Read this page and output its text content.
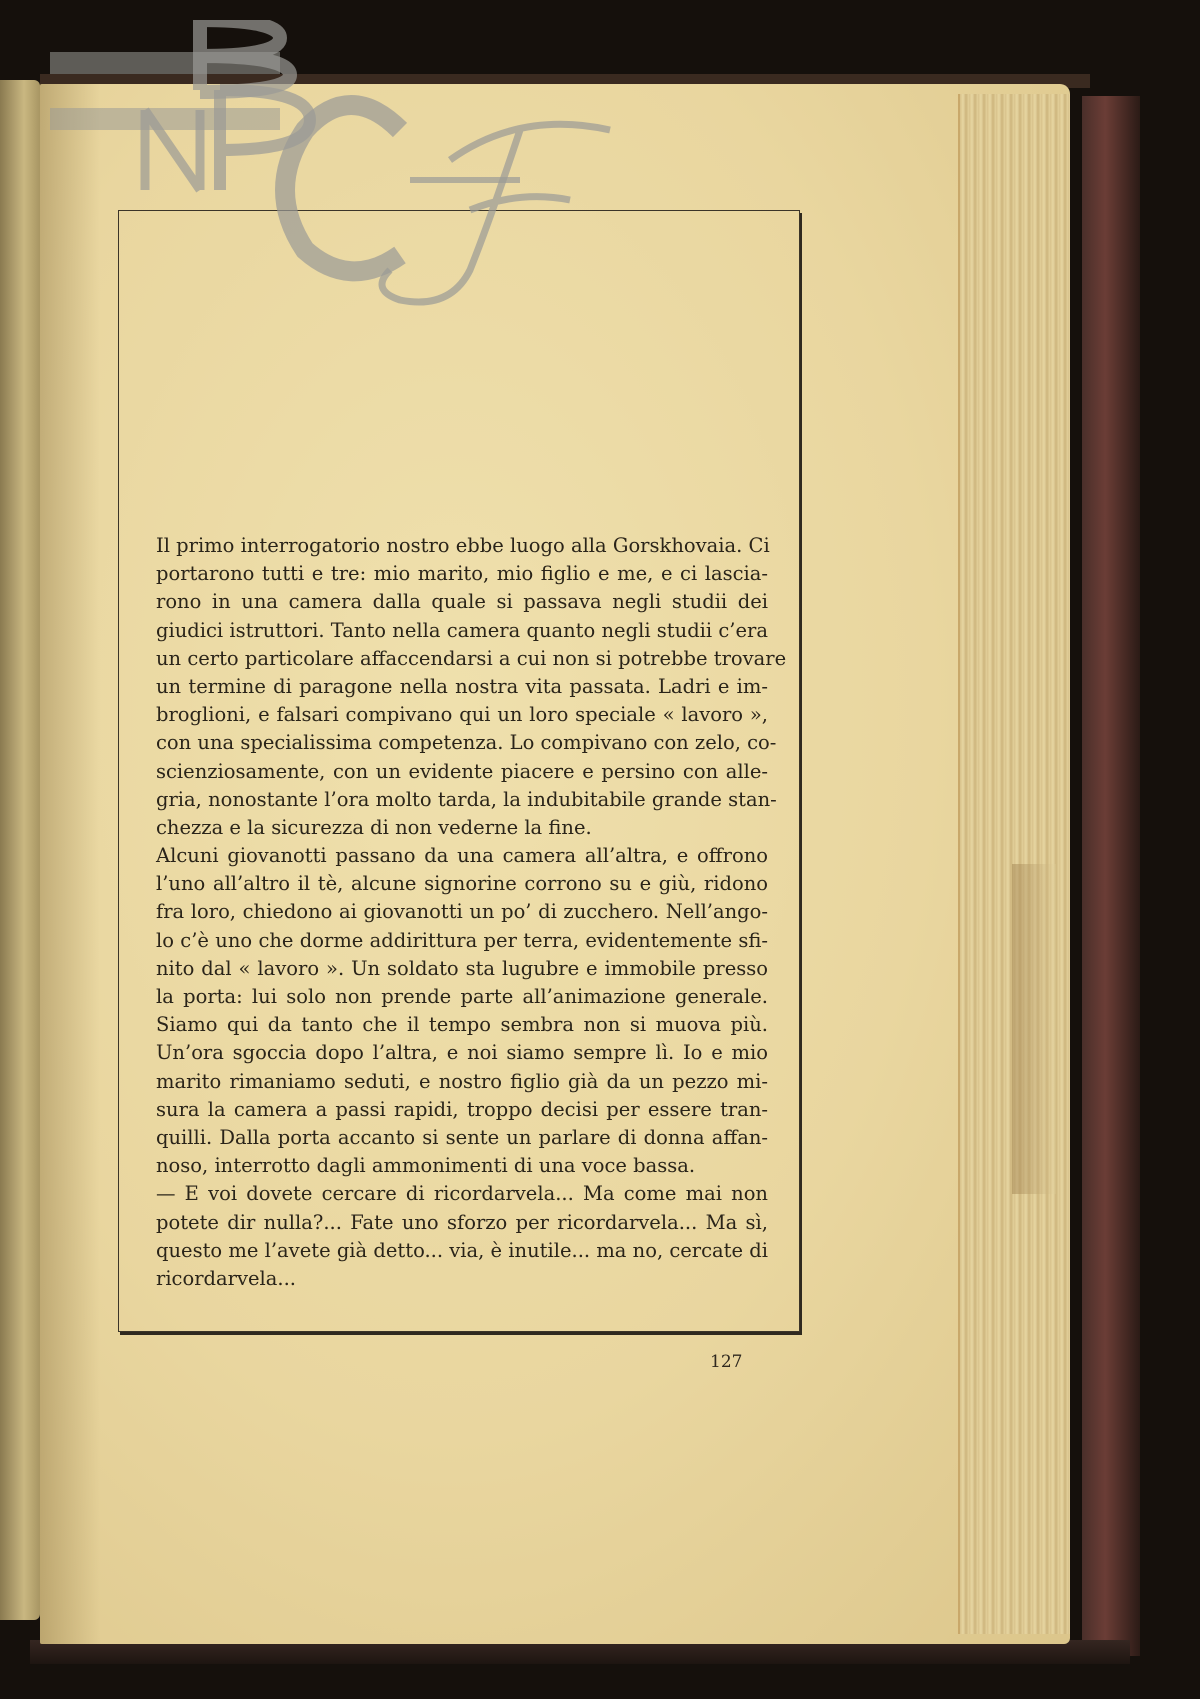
Il primo interrogatorio nostro ebbe luogo alla Gorskhovaia. Ci
portarono tutti e tre: mio marito, mio figlio e me, e ci lascia-
rono in una camera dalla quale si passava negli studii dei
giudici istruttori. Tanto nella camera quanto negli studii c’era
un certo particolare affaccendarsi a cui non si potrebbe trovare
un termine di paragone nella nostra vita passata. Ladri e im-
broglioni, e falsari compivano qui un loro speciale « lavoro »,
con una specialissima competenza. Lo compivano con zelo, co-
scienziosamente, con un evidente piacere e persino con alle-
gria, nonostante l’ora molto tarda, la indubitabile grande stan-
chezza e la sicurezza di non vederne la fine.
Alcuni giovanotti passano da una camera all’altra, e offrono
l’uno all’altro il tè, alcune signorine corrono su e giù, ridono
fra loro, chiedono ai giovanotti un po’ di zucchero. Nell’ango-
lo c’è uno che dorme addirittura per terra, evidentemente sfi-
nito dal « lavoro ». Un soldato sta lugubre e immobile presso
la porta: lui solo non prende parte all’animazione generale.
Siamo qui da tanto che il tempo sembra non si muova più.
Un’ora sgoccia dopo l’altra, e noi siamo sempre lì. Io e mio
marito rimaniamo seduti, e nostro figlio già da un pezzo mi-
sura la camera a passi rapidi, troppo decisi per essere tran-
quilli. Dalla porta accanto si sente un parlare di donna affan-
noso, interrotto dagli ammonimenti di una voce bassa.
— E voi dovete cercare di ricordarvela... Ma come mai non
potete dir nulla?... Fate uno sforzo per ricordarvela... Ma sì,
questo me l’avete già detto... via, è inutile... ma no, cercate di
ricordarvela...
127
